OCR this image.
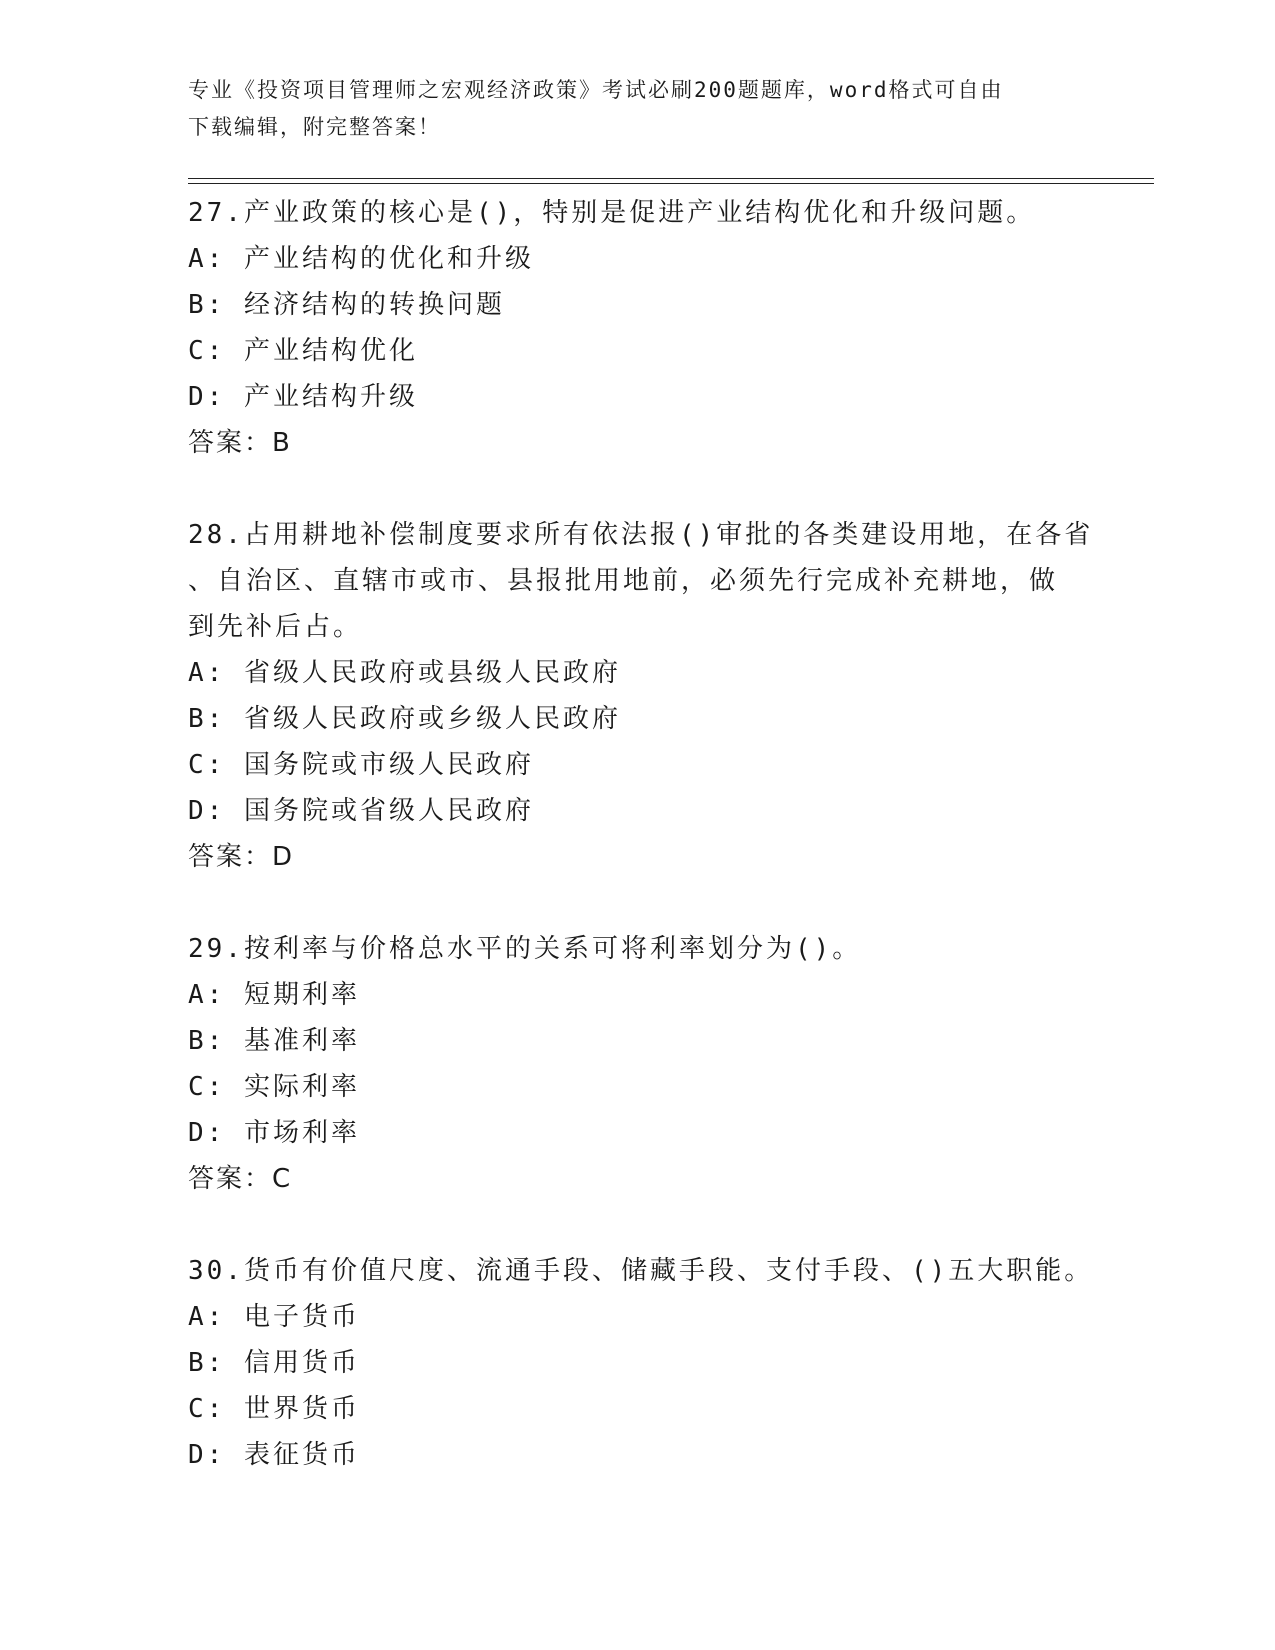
专业《投资项目管理师之宏观经济政策》考试必刷200题题库，word格式可自由
下载编辑，附完整答案！
27.产业政策的核心是()，特别是促进产业结构优化和升级问题。
A: 产业结构的优化和升级
B: 经济结构的转换问题
C: 产业结构优化
D: 产业结构升级
答案：B
28.占用耕地补偿制度要求所有依法报()审批的各类建设用地，在各省
、自治区、直辖市或市、县报批用地前，必须先行完成补充耕地，做
到先补后占。
A: 省级人民政府或县级人民政府
B: 省级人民政府或乡级人民政府
C: 国务院或市级人民政府
D: 国务院或省级人民政府
答案：D
29.按利率与价格总水平的关系可将利率划分为()。
A: 短期利率
B: 基准利率
C: 实际利率
D: 市场利率
答案：C
30.货币有价值尺度、流通手段、储藏手段、支付手段、()五大职能。
A: 电子货币
B: 信用货币
C: 世界货币
D: 表征货币
